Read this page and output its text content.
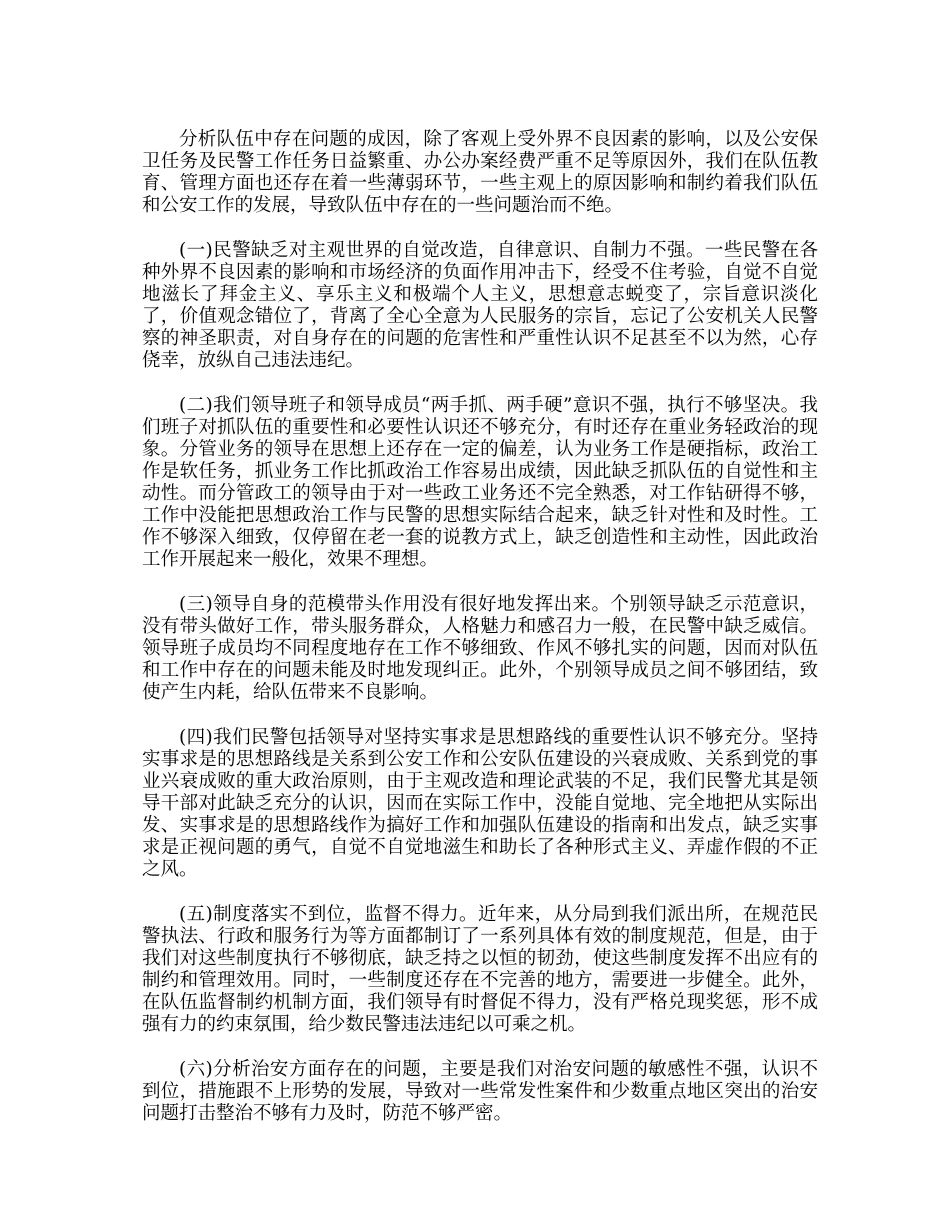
分析队伍中存在问题的成因，除了客观上受外界不良因素的影响，以及公安保卫任务及民警工作任务日益繁重、办公办案经费严重不足等原因外，我们在队伍教育、管理方面也还存在着一些薄弱环节，一些主观上的原因影响和制约着我们队伍和公安工作的发展，导致队伍中存在的一些问题治而不绝。

(一)民警缺乏对主观世界的自觉改造，自律意识、自制力不强。一些民警在各种外界不良因素的影响和市场经济的负面作用冲击下，经受不住考验，自觉不自觉地滋长了拜金主义、享乐主义和极端个人主义，思想意志蜕变了，宗旨意识淡化了，价值观念错位了，背离了全心全意为人民服务的宗旨，忘记了公安机关人民警察的神圣职责，对自身存在的问题的危害性和严重性认识不足甚至不以为然，心存侥幸，放纵自己违法违纪。

(二)我们领导班子和领导成员“两手抓、两手硬”意识不强，执行不够坚决。我们班子对抓队伍的重要性和必要性认识还不够充分，有时还存在重业务轻政治的现象。分管业务的领导在思想上还存在一定的偏差，认为业务工作是硬指标，政治工作是软任务，抓业务工作比抓政治工作容易出成绩，因此缺乏抓队伍的自觉性和主动性。而分管政工的领导由于对一些政工业务还不完全熟悉，对工作钻研得不够，工作中没能把思想政治工作与民警的思想实际结合起来，缺乏针对性和及时性。工作不够深入细致，仅停留在老一套的说教方式上，缺乏创造性和主动性，因此政治工作开展起来一般化，效果不理想。

(三)领导自身的范模带头作用没有很好地发挥出来。个别领导缺乏示范意识，没有带头做好工作，带头服务群众，人格魅力和感召力一般，在民警中缺乏威信。领导班子成员均不同程度地存在工作不够细致、作风不够扎实的问题，因而对队伍和工作中存在的问题未能及时地发现纠正。此外，个别领导成员之间不够团结，致使产生内耗，给队伍带来不良影响。

(四)我们民警包括领导对坚持实事求是思想路线的重要性认识不够充分。坚持实事求是的思想路线是关系到公安工作和公安队伍建设的兴衰成败、关系到党的事业兴衰成败的重大政治原则，由于主观改造和理论武装的不足，我们民警尤其是领导干部对此缺乏充分的认识，因而在实际工作中，没能自觉地、完全地把从实际出发、实事求是的思想路线作为搞好工作和加强队伍建设的指南和出发点，缺乏实事求是正视问题的勇气，自觉不自觉地滋生和助长了各种形式主义、弄虚作假的不正之风。

(五)制度落实不到位，监督不得力。近年来，从分局到我们派出所，在规范民警执法、行政和服务行为等方面都制订了一系列具体有效的制度规范，但是，由于我们对这些制度执行不够彻底，缺乏持之以恒的韧劲，使这些制度发挥不出应有的制约和管理效用。同时，一些制度还存在不完善的地方，需要进一步健全。此外，在队伍监督制约机制方面，我们领导有时督促不得力，没有严格兑现奖惩，形不成强有力的约束氛围，给少数民警违法违纪以可乘之机。

(六)分析治安方面存在的问题，主要是我们对治安问题的敏感性不强，认识不到位，措施跟不上形势的发展，导致对一些常发性案件和少数重点地区突出的治安问题打击整治不够有力及时，防范不够严密。
